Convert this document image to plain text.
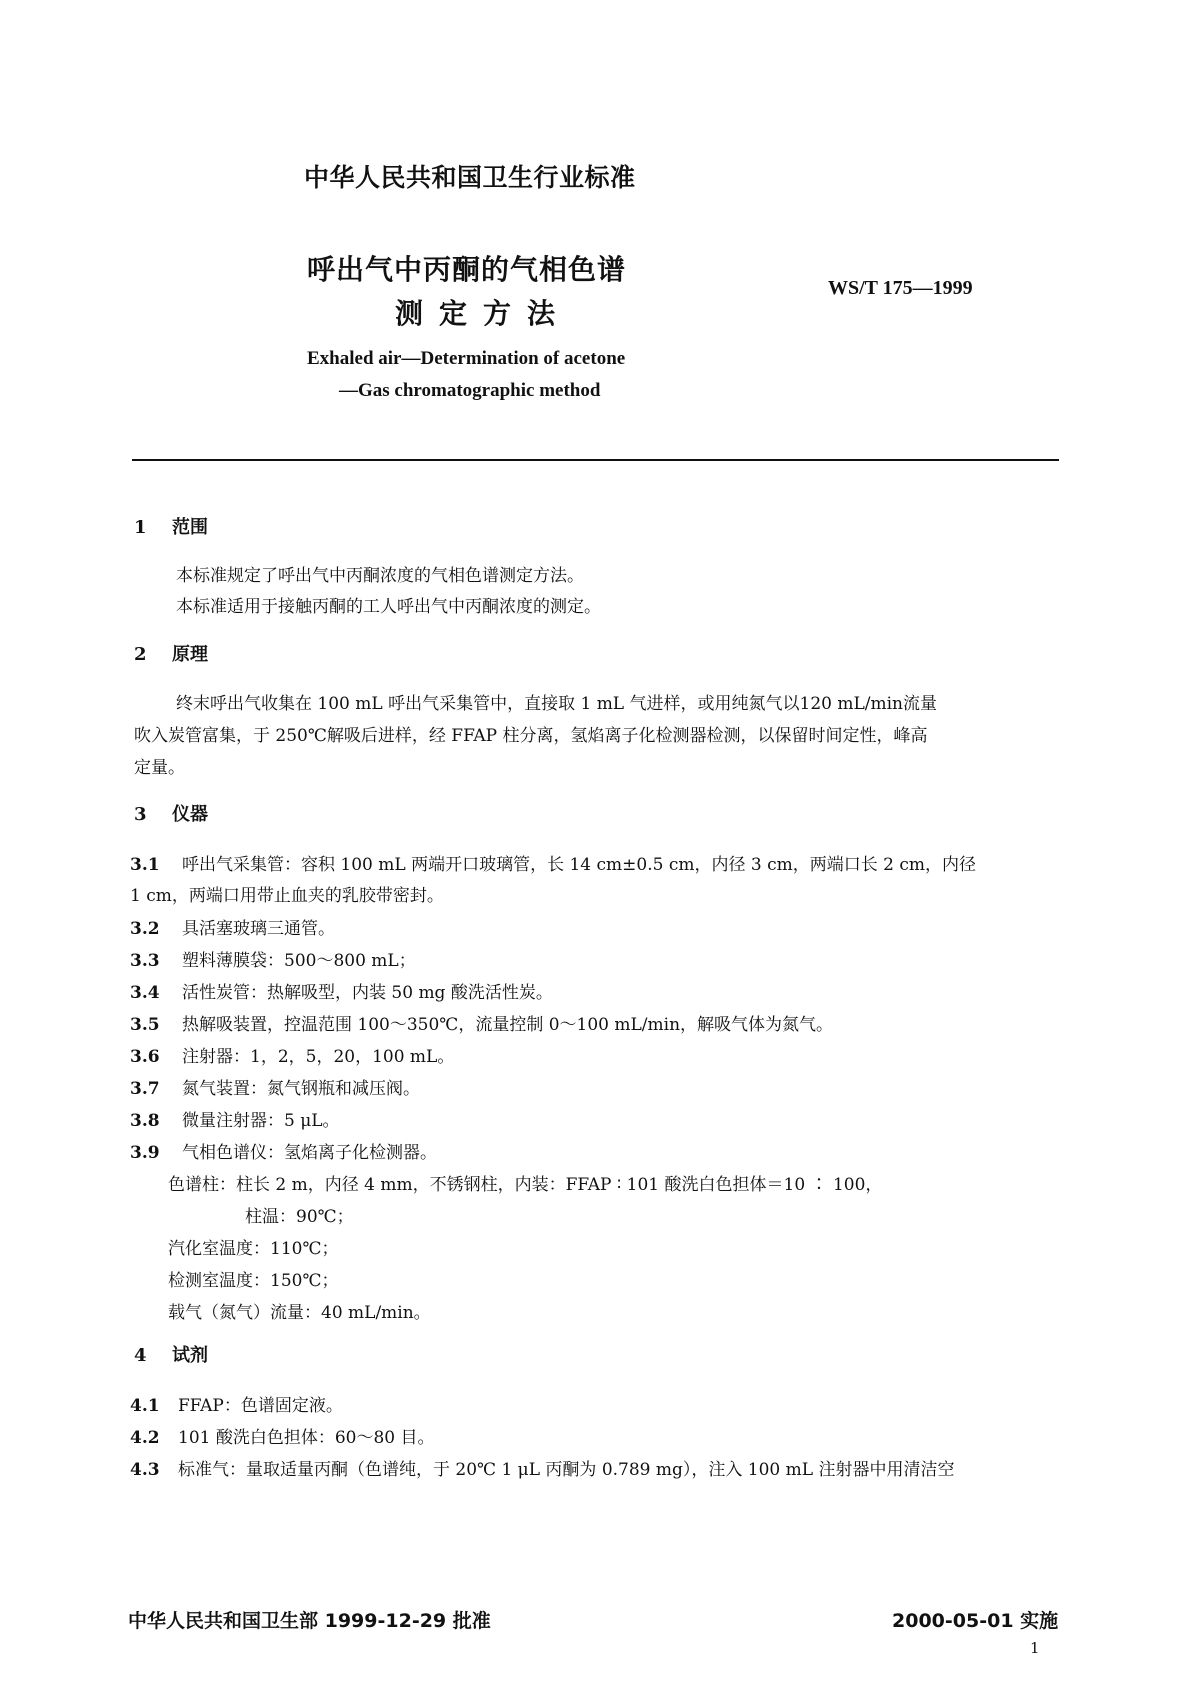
中华人民共和国卫生行业标准
呼出气中丙酮的气相色谱
测定方法
WS/T 175—1999
Exhaled air—Determination of acetone
—Gas chromatographic method
1 范围
本标准规定了呼出气中丙酮浓度的气相色谱测定方法。
本标准适用于接触丙酮的工人呼出气中丙酮浓度的测定。
2 原理
终末呼出气收集在 100 mL 呼出气采集管中，直接取 1 mL 气进样，或用纯氮气以120 mL/min流量
吹入炭管富集，于 250℃解吸后进样，经 FFAP 柱分离，氢焰离子化检测器检测，以保留时间定性，峰高
定量。
3 仪器
3.1 呼出气采集管：容积 100 mL 两端开口玻璃管，长 14 cm±0.5 cm，内径 3 cm，两端口长 2 cm，内径
1 cm，两端口用带止血夹的乳胶带密封。
3.2 具活塞玻璃三通管。
3.3 塑料薄膜袋：500～800 mL；
3.4 活性炭管：热解吸型，内装 50 mg 酸洗活性炭。
3.5 热解吸装置，控温范围 100～350℃，流量控制 0～100 mL/min，解吸气体为氮气。
3.6 注射器：1，2，5，20，100 mL。
3.7 氮气装置：氮气钢瓶和减压阀。
3.8 微量注射器：5 μL。
3.9 气相色谱仪：氢焰离子化检测器。
色谱柱：柱长 2 m，内径 4 mm，不锈钢柱，内装：FFAP ∶ 101 酸洗白色担体＝10 ∶ 100，
柱温：90℃；
汽化室温度：110℃；
检测室温度：150℃；
载气（氮气）流量：40 mL/min。
4 试剂
4.1 FFAP：色谱固定液。
4.2 101 酸洗白色担体：60～80 目。
4.3 标准气：量取适量丙酮（色谱纯，于 20℃ 1 μL 丙酮为 0.789 mg），注入 100 mL 注射器中用清洁空
中华人民共和国卫生部 1999-12-29 批准	2000-05-01 实施
1
